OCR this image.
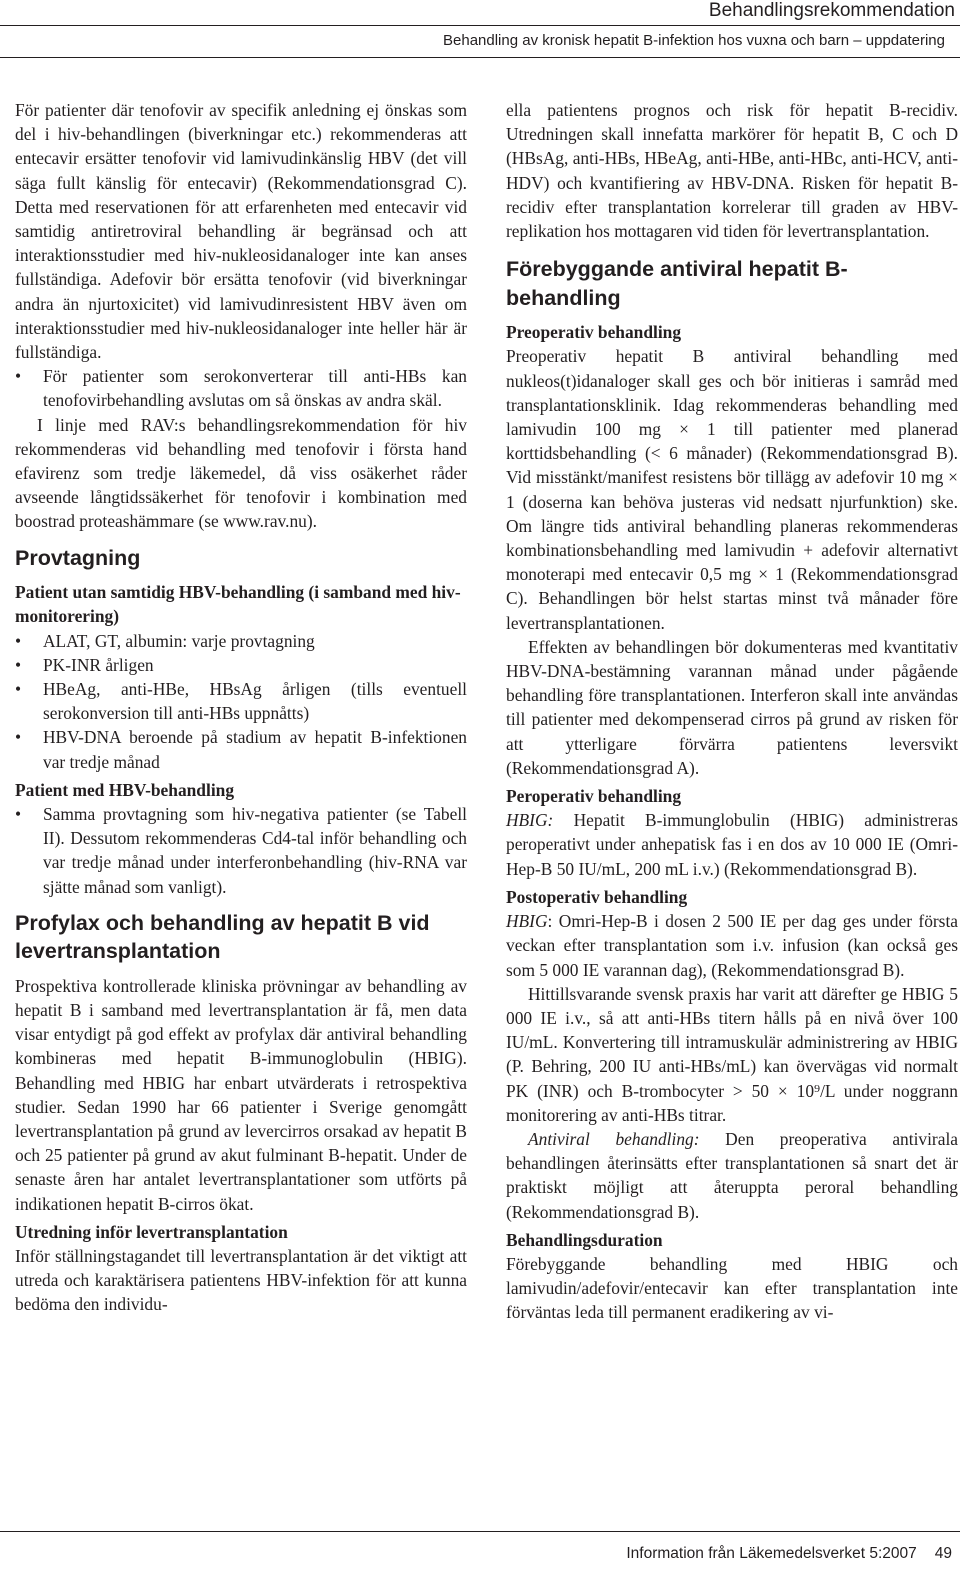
Behandlingsrekommendation
Behandling av kronisk hepatit B-infektion hos vuxna och barn – uppdatering

För patienter där tenofovir av specifik anledning ej önskas som del i hiv-behandlingen (biverkningar etc.) rekommenderas att entecavir ersätter tenofovir vid lamivudinkänslig HBV (det vill säga fullt känslig för entecavir) (Rekommendationsgrad C). Detta med reservationen för att erfarenheten med entecavir vid samtidig antiretroviral behandling är begränsad och att interaktionsstudier med hiv-nukleosidanaloger inte kan anses fullständiga. Adefovir bör ersätta tenofovir (vid biverkningar andra än njurtoxicitet) vid lamivudinresistent HBV även om interaktionsstudier med hiv-nukleosidanaloger inte heller här är fullständiga.

• För patienter som serokonverterar till anti-HBs kan tenofovirbehandling avslutas om så önskas av andra skäl.

I linje med RAV:s behandlingsrekommendation för hiv rekommenderas vid behandling med tenofovir i första hand efavirenz som tredje läkemedel, då viss osäkerhet råder avseende långtidssäkerhet för tenofovir i kombination med boostrad proteashämmare (se www.rav.nu).

Provtagning
Patient utan samtidig HBV-behandling (i samband med hiv-monitorering)
• ALAT, GT, albumin: varje provtagning
• PK-INR årligen
• HBeAg, anti-HBe, HBsAg årligen (tills eventuell serokonversion till anti-HBs uppnåtts)
• HBV-DNA beroende på stadium av hepatit B-infektionen var tredje månad
Patient med HBV-behandling
• Samma provtagning som hiv-negativa patienter (se Tabell II). Dessutom rekommenderas Cd4-tal inför behandling och var tredje månad under interferonbehandling (hiv-RNA var sjätte månad som vanligt).
Profylax och behandling av hepatit B vid levertransplantation

Prospektiva kontrollerade kliniska prövningar av behandling av hepatit B i samband med levertransplantation är få, men data visar entydigt på god effekt av profylax där antiviral behandling kombineras med hepatit B-immunoglobulin (HBIG). Behandling med HBIG har enbart utvärderats i retrospektiva studier. Sedan 1990 har 66 patienter i Sverige genomgått levertransplantation på grund av levercirros orsakad av hepatit B och 25 patienter på grund av akut fulminant B-hepatit. Under de senaste åren har antalet levertransplantationer som utförts på indikationen hepatit B-cirros ökat.

Utredning inför levertransplantation

Inför ställningstagandet till levertransplantation är det viktigt att utreda och karaktärisera patientens HBV-infektion för att kunna bedöma den individu-

ella patientens prognos och risk för hepatit B-recidiv. Utredningen skall innefatta markörer för hepatit B, C och D (HBsAg, anti-HBs, HBeAg, anti-HBe, anti-HBc, anti-HCV, anti-HDV) och kvantifiering av HBV-DNA. Risken för hepatit B-recidiv efter transplantation korrelerar till graden av HBV-replikation hos mottagaren vid tiden för levertransplantation.

Förebyggande antiviral hepatit B-behandling
Preoperativ behandling

Preoperativ hepatit B antiviral behandling med nukleos(t)idanaloger skall ges och bör initieras i samråd med transplantationsklinik. Idag rekommenderas behandling med lamivudin 100 mg × 1 till patienter med planerad korttidsbehandling (< 6 månader) (Rekommendationsgrad B). Vid misstänkt/manifest resistens bör tillägg av adefovir 10 mg × 1 (doserna kan behöva justeras vid nedsatt njurfunktion) ske. Om längre tids antiviral behandling planeras rekommenderas kombinationsbehandling med lamivudin + adefovir alternativt monoterapi med entecavir 0,5 mg × 1 (Rekommendationsgrad C). Behandlingen bör helst startas minst två månader före levertransplantationen.

Effekten av behandlingen bör dokumenteras med kvantitativ HBV-DNA-bestämning varannan månad under pågående behandling före transplantationen. Interferon skall inte användas till patienter med dekompenserad cirros på grund av risken för att ytterligare förvärra patientens leversvikt (Rekommendationsgrad A).

Peroperativ behandling

HBIG: Hepatit B-immunglobulin (HBIG) administreras peroperativt under anhepatisk fas i en dos av 10 000 IE (Omri-Hep-B 50 IU/mL, 200 mL i.v.) (Rekommendationsgrad B).

Postoperativ behandling

HBIG: Omri-Hep-B i dosen 2 500 IE per dag ges under första veckan efter transplantation som i.v. infusion (kan också ges som 5 000 IE varannan dag), (Rekommendationsgrad B).

Hittillsvarande svensk praxis har varit att därefter ge HBIG 5 000 IE i.v., så att anti-HBs titern hålls på en nivå över 100 IU/mL. Konvertering till intramuskulär administrering av HBIG (P. Behring, 200 IU anti-HBs/mL) kan övervägas vid normalt PK (INR) och B-trombocyter > 50 × 10⁹/L under noggrann monitorering av anti-HBs titrar.

Antiviral behandling: Den preoperativa antivirala behandlingen återinsätts efter transplantationen så snart det är praktiskt möjligt att återuppta peroral behandling (Rekommendationsgrad B).

Behandlingsduration

Förebyggande behandling med HBIG och lamivudin/adefovir/entecavir kan efter transplantation inte förväntas leda till permanent eradikering av vi-

Information från Läkemedelsverket 5:2007 49
